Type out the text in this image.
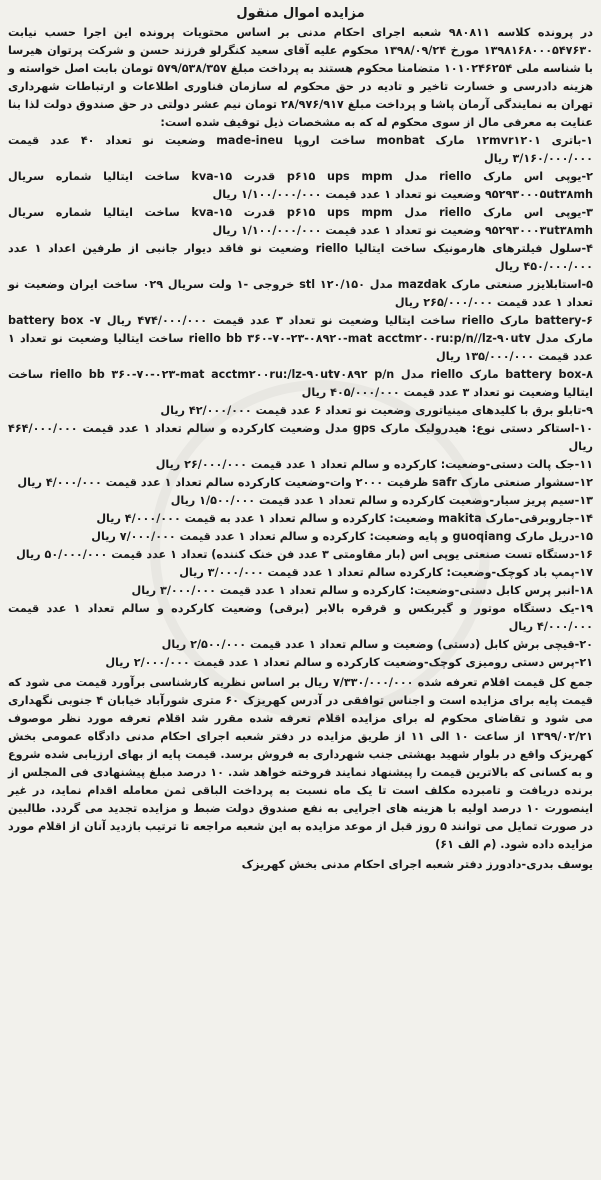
مزایده اموال منقول

در پرونده کلاسه ۹۸۰۸۱۱ شعبه اجرای احکام مدنی بر اساس محتویات پرونده این اجرا حسب نیابت ۱۳۹۸۱۶۸۰۰۰۵۴۷۶۳۰ مورخ ۱۳۹۸/۰۹/۲۴ محکوم علیه آقای سعید کنگرلو فرزند حسن و شرکت پرتوان هیرسا با شناسه ملی ۱۰۱۰۲۴۶۲۵۴ متضامنا محکوم هستند به پرداخت مبلغ ۵۷۹/۵۳۸/۳۵۷ تومان بابت اصل خواسته و هزینه دادرسی و خسارت تاخیر و تادیه در حق محکوم له سازمان فناوری اطلاعات و ارتباطات شهرداری تهران به نمایندگی آرمان پاشا و پرداخت مبلغ ۲۸/۹۷۶/۹۱۷ تومان نیم عشر دولتی در حق صندوق دولت لذا بنا عنایت به معرفی مال از سوی محکوم له که به مشخصات ذیل توقیف شده است:

۱-باتری ۱۲mvr۱۲۰۱ مارک monbat ساخت اروپا made-ineu وضعیت نو تعداد ۴۰ عدد قیمت ۳/۱۶۰/۰۰۰/۰۰۰ ریال

۲-یوپی اس مارک riello مدل p۶۱۵ ups mpm قدرت ۱۵-kva ساخت ایتالیا شماره سریال ۹۵۲۹۳۰۰۰۵ut۳۸mh وضعیت نو تعداد ۱ عدد قیمت ۱/۱۰۰/۰۰۰/۰۰۰ ریال

۳-یوپی اس مارک riello مدل p۶۱۵ ups mpm قدرت ۱۵-kva ساخت ایتالیا شماره سریال ۹۵۲۹۳۰۰۰۳ut۳۸mh وضعیت نو تعداد ۱ عدد قیمت ۱/۱۰۰/۰۰۰/۰۰۰ ریال

۴-سلول فیلترهای هارمونیک ساخت ایتالیا riello وضعیت نو فاقد دیوار جانبی از طرفین اعداد ۱ عدد ۴۵۰/۰۰۰/۰۰۰ ریال

۵-استابلایزر صنعتی مارک mazdak مدل stl ۱۲۰/۱۵۰ خروجی -۱ ولت سریال ۰۲۹ ساخت ایران وضعیت نو تعداد ۱ عدد قیمت ۲۶۵/۰۰۰/۰۰۰ ریال

۶-battery مارک riello ساخت ایتالیا وضعیت نو تعداد ۳ عدد قیمت ۴۷۴/۰۰۰/۰۰۰ ریال ۷- battery box مارک مدل riello bb ۳۶۰-۷۰-۲۳-۰۸۹۲۰-mat acctm۲۰۰ru:p/n//lz-۹۰ut۷ ساخت ایتالیا وضعیت نو تعداد ۱ عدد قیمت ۱۳۵/۰۰۰/۰۰۰ ریال

۸-battery box مارک riello مدل riello bb ۳۶۰-۷۰-۰۲۳-mat acctm۲۰۰ru:/lz-۹۰ut۷۰۸۹۲ p/n ساخت ایتالیا وضعیت نو تعداد ۳ عدد قیمت ۴۰۵/۰۰۰/۰۰۰ ریال

۹-تابلو برق با کلیدهای مینیاتوری وضعیت نو تعداد ۶ عدد قیمت ۴۲/۰۰۰/۰۰۰ ریال

۱۰-استاکر دستی نوع: هیدرولیک مارک gps مدل وضعیت کارکرده و سالم تعداد ۱ عدد قیمت ۴۶۴/۰۰۰/۰۰۰ ریال

۱۱-جک پالت دستی-وضعیت: کارکرده و سالم تعداد ۱ عدد قیمت ۲۶/۰۰۰/۰۰۰ ریال

۱۲-سشوار صنعتی مارک safr ظرفیت ۲۰۰۰ وات-وضعیت کارکرده سالم تعداد ۱ عدد قیمت ۴/۰۰۰/۰۰۰ ریال

۱۳-سیم پریز سیار-وضعیت کارکرده و سالم تعداد ۱ عدد قیمت ۱/۵۰۰/۰۰۰ ریال

۱۴-جاروبرقی-مارک makita وضعیت: کارکرده و سالم تعداد ۱ عدد به قیمت ۴/۰۰۰/۰۰۰ ریال

۱۵-دریل مارک guoqiang و پایه وضعیت: کارکرده و سالم تعداد ۱ عدد قیمت ۷/۰۰۰/۰۰۰ ریال

۱۶-دستگاه تست صنعتی یوپی اس (بار مقاومتی ۳ عدد فن خنک کننده) تعداد ۱ عدد قیمت ۵۰/۰۰۰/۰۰۰ ریال

۱۷-پمپ باد کوچک-وضعیت: کارکرده سالم تعداد ۱ عدد قیمت ۳/۰۰۰/۰۰۰ ریال

۱۸-انبر پرس کابل دستی-وضعیت: کارکرده و سالم تعداد ۱ عدد قیمت ۳/۰۰۰/۰۰۰ ریال

۱۹-یک دستگاه موتور و گیربکس و قرقره بالابر (برقی) وضعیت کارکرده و سالم تعداد ۱ عدد قیمت ۴/۰۰۰/۰۰۰ ریال

۲۰-قیچی برش کابل (دستی) وضعیت و سالم تعداد ۱ عدد قیمت ۲/۵۰۰/۰۰۰ ریال

۲۱-پرس دستی رومیزی کوچک-وضعیت کارکرده و سالم تعداد ۱ عدد قیمت ۲/۰۰۰/۰۰۰ ریال

جمع کل قیمت اقلام تعرفه شده ۷/۳۳۰/۰۰۰/۰۰۰ ریال بر اساس نظریه کارشناسی برآورد قیمت می شود که قیمت پایه برای مزایده است و اجناس توافقی در آدرس کهریزک ۶۰ متری شورآباد خیابان ۴ جنوبی نگهداری می شود و تقاضای محکوم له برای مزایده اقلام تعرفه شده مقرر شد اقلام تعرفه مورد نظر موصوف ۱۳۹۹/۰۲/۲۱ از ساعت ۱۰ الی ۱۱ از طریق مزایده در دفتر شعبه اجرای احکام مدنی دادگاه عمومی بخش کهریزک واقع در بلوار شهید بهشتی جنب شهرداری به فروش برسد. قیمت پایه از بهای ارزیابی شده شروع و به کسانی که بالاترین قیمت را پیشنهاد نمایند فروخته خواهد شد. ۱۰ درصد مبلغ پیشنهادی فی المجلس از برنده دریافت و تامبرده مکلف است تا یک ماه نسبت به پرداخت الباقی ثمن معامله اقدام نماید، در غیر اینصورت ۱۰ درصد اولیه با هزینه های اجرایی به نفع صندوق دولت ضبط و مزایده تجدید می گردد. طالبین در صورت تمایل می توانند ۵ روز قبل از موعد مزایده به این شعبه مراجعه تا ترتیب بازدید آنان از اقلام مورد مزایده داده شود. (م الف ۶۱)

یوسف بدری-دادورز دفتر شعبه اجرای احکام مدنی بخش کهریزک
